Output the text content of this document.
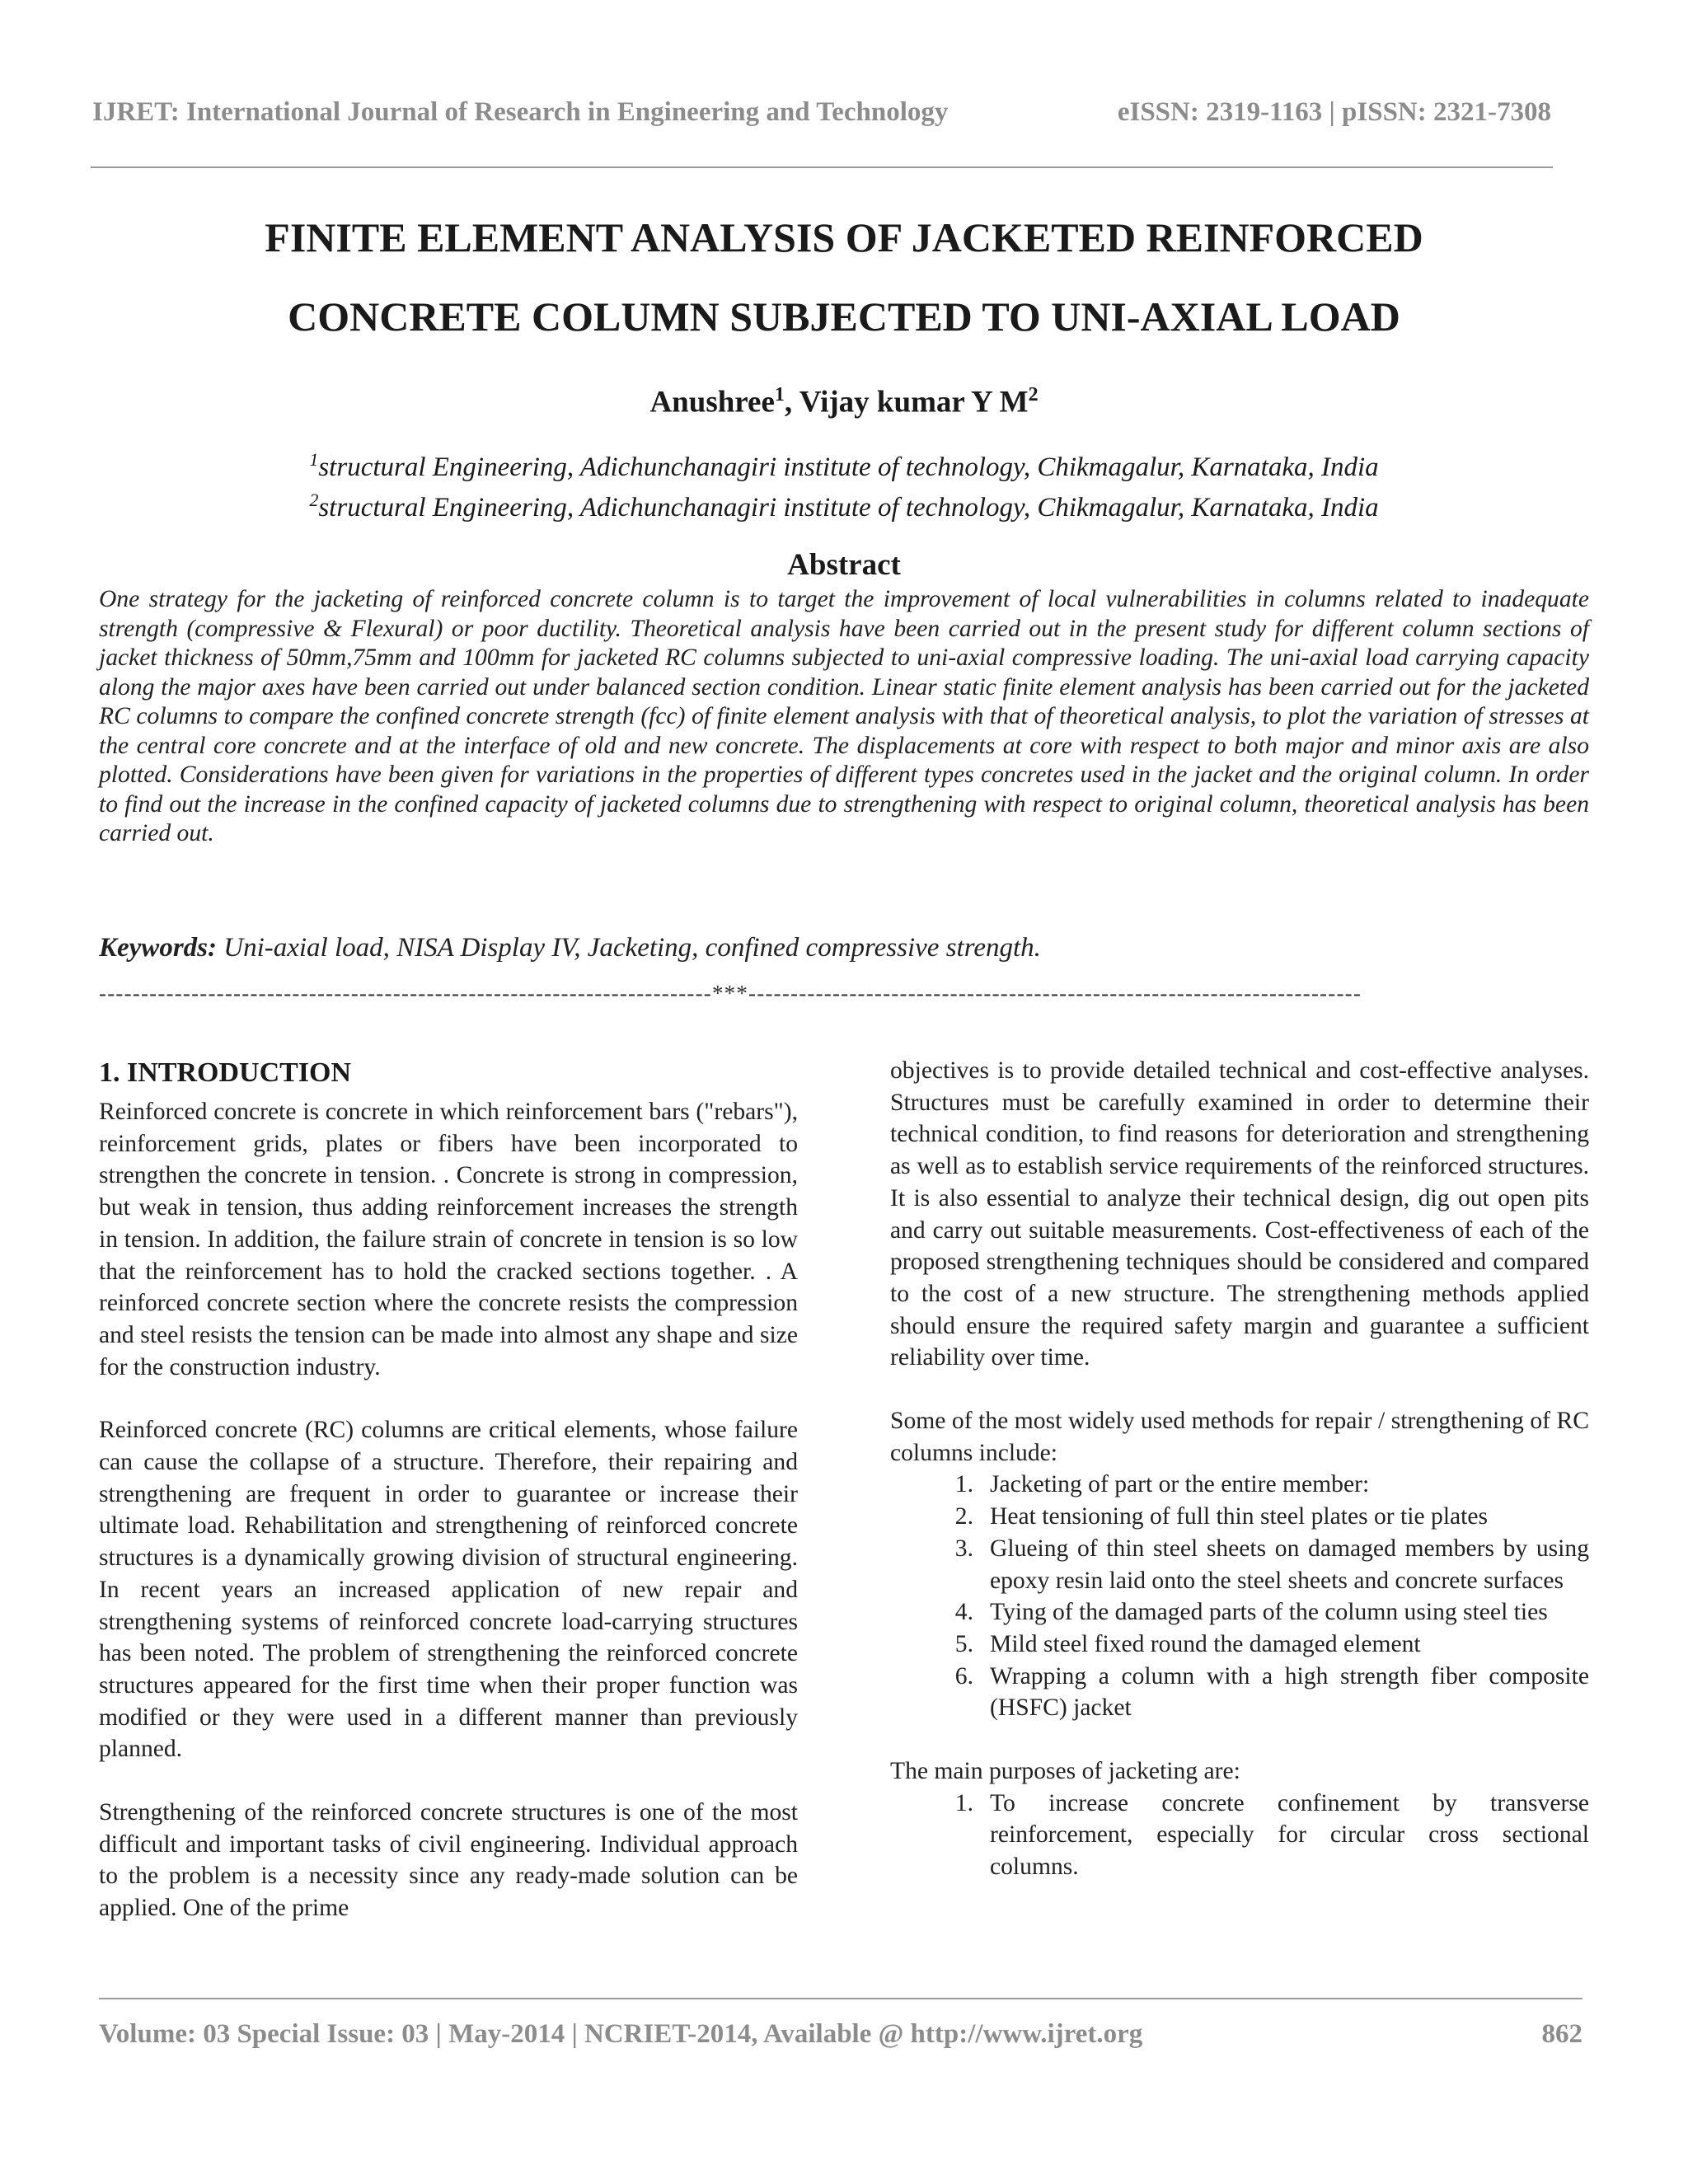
IJRET: International Journal of Research in Engineering and Technology	eISSN: 2319-1163 | pISSN: 2321-7308
FINITE ELEMENT ANALYSIS OF JACKETED REINFORCED
CONCRETE COLUMN SUBJECTED TO UNI-AXIAL LOAD
Anushree$^1$, Vijay kumar Y $M^2$
$^1$structural Engineering, Adichunchanagiri institute of technology, Chikmagalur, Karnataka, India
$^2$structural Engineering, Adichunchanagiri institute of technology, Chikmagalur, Karnataka, India
Abstract
One strategy for the jacketing of reinforced concrete column is to target the improvement of local vulnerabilities in columns related to inadequate strength (compressive & Flexural) or poor ductility. Theoretical analysis have been carried out in the present study for different column sections of jacket thickness of 50mm,75mm and 100mm for jacketed RC columns subjected to uni-axial compressive loading. The uni-axial load carrying capacity along the major axes have been carried out under balanced section condition. Linear static finite element analysis has been carried out for the jacketed RC columns to compare the confined concrete strength (fcc) of finite element analysis with that of theoretical analysis, to plot the variation of stresses at the central core concrete and at the interface of old and new concrete. The displacements at core with respect to both major and minor axis are also plotted. Considerations have been given for variations in the properties of different types concretes used in the jacket and the original column. In order to find out the increase in the confined capacity of jacketed columns due to strengthening with respect to original column, theoretical analysis has been carried out.
Keywords: Uni-axial load, NISA Display IV, Jacketing, confined compressive strength.
-------------------------------------------------------------------------***-------------------------------------------------------------------------
1. INTRODUCTION

Reinforced concrete is concrete in which reinforcement bars ("rebars"), reinforcement grids, plates or fibers have been incorporated to strengthen the concrete in tension. . Concrete is strong in compression, but weak in tension, thus adding reinforcement increases the strength in tension. In addition, the failure strain of concrete in tension is so low that the reinforcement has to hold the cracked sections together. . A reinforced concrete section where the concrete resists the compression and steel resists the tension can be made into almost any shape and size for the construction industry.

Reinforced concrete (RC) columns are critical elements, whose failure can cause the collapse of a structure. Therefore, their repairing and strengthening are frequent in order to guarantee or increase their ultimate load. Rehabilitation and strengthening of reinforced concrete structures is a dynamically growing division of structural engineering. In recent years an increased application of new repair and strengthening systems of reinforced concrete load-carrying structures has been noted. The problem of strengthening the reinforced concrete structures appeared for the first time when their proper function was modified or they were used in a different manner than previously planned.

Strengthening of the reinforced concrete structures is one of the most difficult and important tasks of civil engineering. Individual approach to the problem is a necessity since any ready-made solution can be applied. One of the prime

objectives is to provide detailed technical and cost-effective analyses. Structures must be carefully examined in order to determine their technical condition, to find reasons for deterioration and strengthening as well as to establish service requirements of the reinforced structures. It is also essential to analyze their technical design, dig out open pits and carry out suitable measurements. Cost-effectiveness of each of the proposed strengthening techniques should be considered and compared to the cost of a new structure. The strengthening methods applied should ensure the required safety margin and guarantee a sufficient reliability over time.

Some of the most widely used methods for repair / strengthening of RC columns include:

1. Jacketing of part or the entire member:
2. Heat tensioning of full thin steel plates or tie plates
3. Glueing of thin steel sheets on damaged members by using epoxy resin laid onto the steel sheets and concrete surfaces
4. Tying of the damaged parts of the column using steel ties
5. Mild steel fixed round the damaged element
6. Wrapping a column with a high strength fiber composite (HSFC) jacket

The main purposes of jacketing are:

1. To increase concrete confinement by transverse reinforcement, especially for circular cross sectional columns.
Volume: 03 Special Issue: 03 | May-2014 | NCRIET-2014, Available @ http://www.ijret.org	862
